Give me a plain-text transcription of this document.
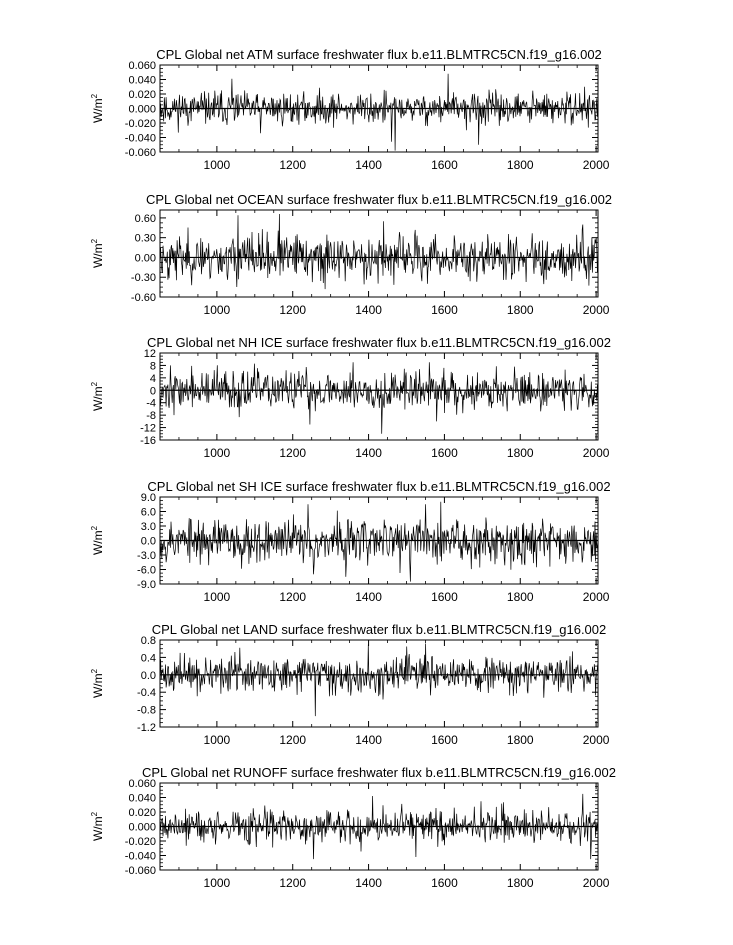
CPL Global net ATM surface freshwater flux b.e11.BLMTRC5CN.f19_g16.002
$W/m^2$
1000	1200	1400	1600	1800	2000
-0.060
-0.040
-0.020
0.000
0.020
0.040
0.060
CPL Global net OCEAN surface freshwater flux b.e11.BLMTRC5CN.f19_g16.002
$W/m^2$
1000	1200	1400	1600	1800	2000
-0.60
-0.30
0.00
0.30
0.60
CPL Global net NH ICE surface freshwater flux b.e11.BLMTRC5CN.f19_g16.002
$W/m^2$
1000	1200	1400	1600	1800	2000
-16
-12
-8
-4
0
4
8
12
CPL Global net SH ICE surface freshwater flux b.e11.BLMTRC5CN.f19_g16.002
$W/m^2$
1000	1200	1400	1600	1800	2000
-9.0
-6.0
-3.0
0.0
3.0
6.0
9.0
CPL Global net LAND surface freshwater flux b.e11.BLMTRC5CN.f19_g16.002
$W/m^2$
1000	1200	1400	1600	1800	2000
-1.2
-0.8
-0.4
0.0
0.4
0.8
CPL Global net RUNOFF surface freshwater flux b.e11.BLMTRC5CN.f19_g16.002
$W/m^2$
1000	1200	1400	1600	1800	2000
-0.060
-0.040
-0.020
0.000
0.020
0.040
0.060
